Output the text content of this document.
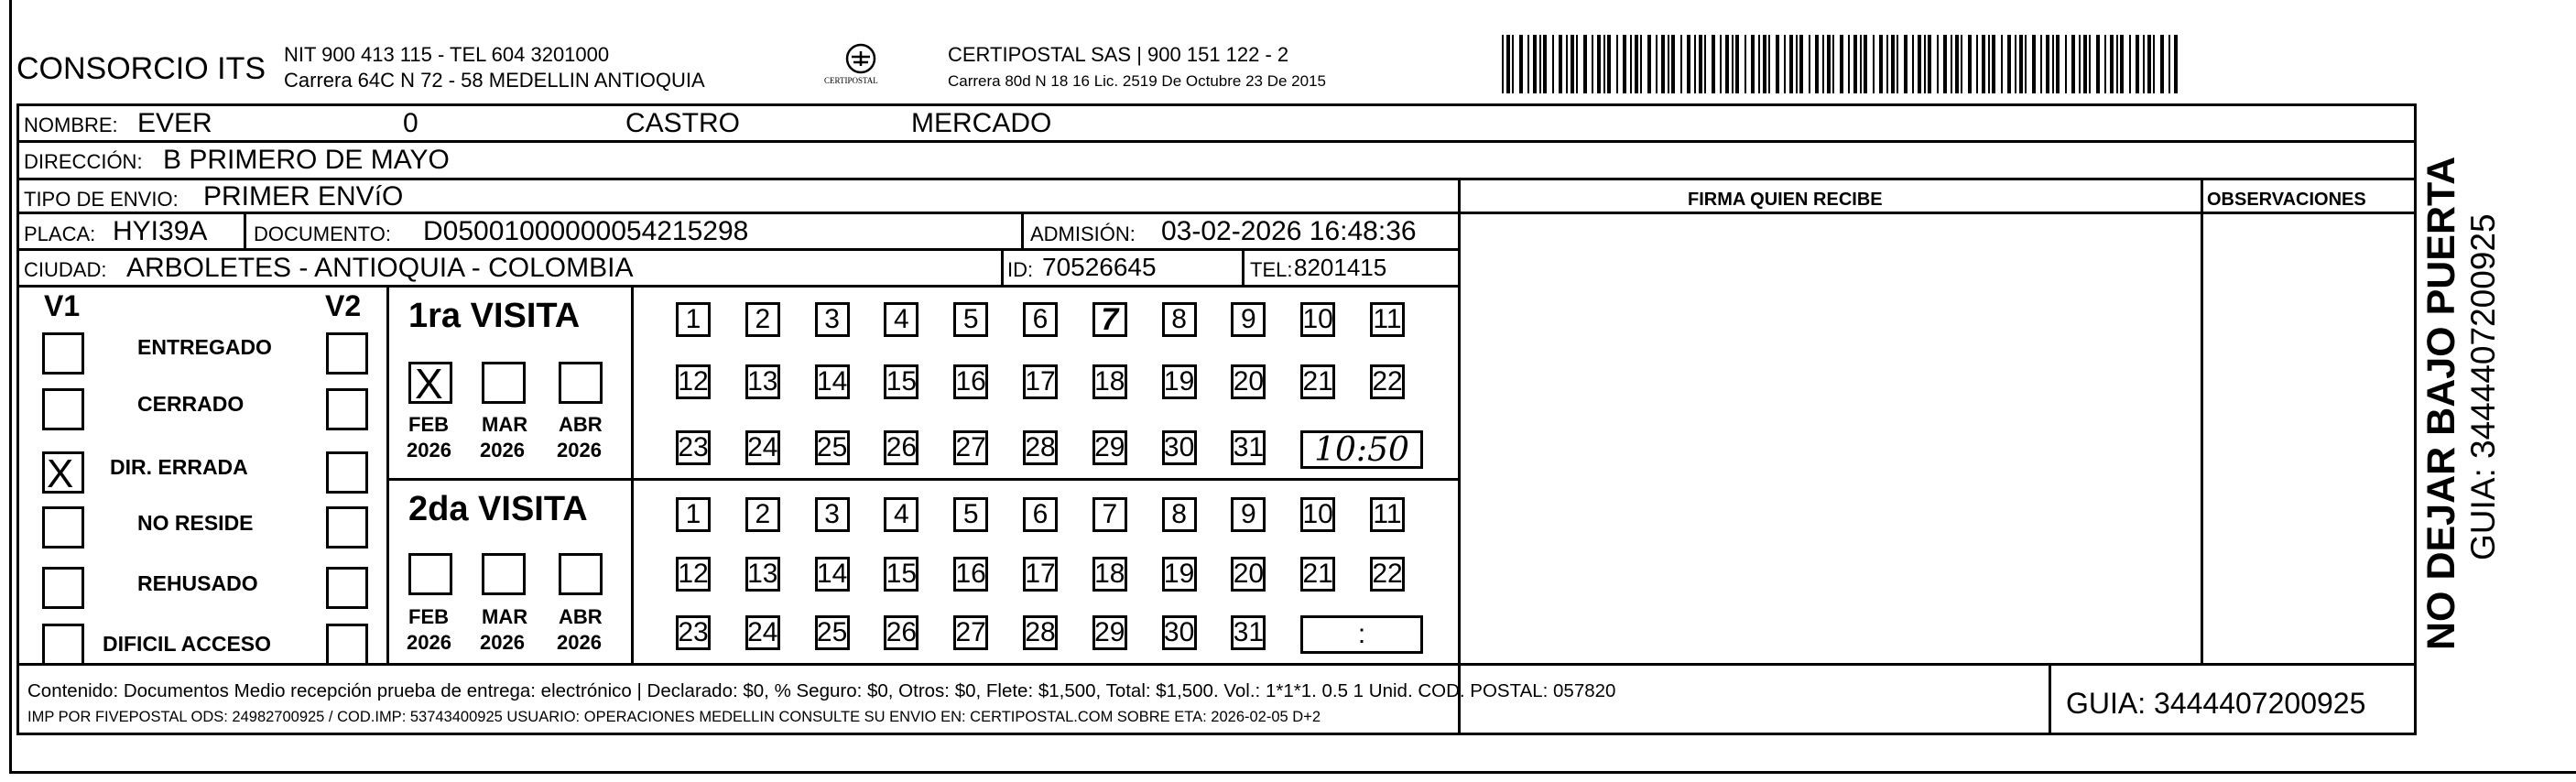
CONSORCIO ITS NIT 900 413 115 - TEL 604 3201000
Carrera 64C N 72 - 58 MEDELLIN ANTIOQUIA	CERTIPOSTAL
CERTIPOSTAL SAS | 900 151 122 - 2
Carrera 80d N 18 16 Lic. 2519 De Octubre 23 De 2015
NOMBRE: EVER	0	CASTRO	MERCADO
DIRECCIÓN: B PRIMERO DE MAYO
TIPO DE ENVIO: PRIMER ENVíO	FIRMA QUIEN RECIBE	OBSERVACIONES
PLACA: HYI39A DOCUMENTO: D05001000000054215298	ADMISIÓN: 03-02-2026 16:48:36
CIUDAD: ARBOLETES - ANTIOQUIA - COLOMBIA	ID: 70526645	TEL: 8201415
V1	V2
ENTREGADO
CERRADO
X DIR. ERRADA
NO RESIDE
REHUSADO
DIFICIL ACCESO
1ra VISITA
X
FEB
2026
MAR
2026
ABR
2026
1	2	3	4	5	6	7	8	9	10 11
12 13 14 15 16 17 18 19 20 21 22
23 24 25 26 27 28 29 30 31	10:50
2da VISITA
FEB
2026
MAR
2026
ABR
2026
1	2	3	4	5	6	7	8	9	10 11
12 13 14 15 16 17 18 19 20 21 22
23 24 25 26 27 28 29 30 31	:
Contenido: Documentos Medio recepción prueba de entrega: electrónico | Declarado: $0, % Seguro: $0, Otros: $0, Flete: $1,500, Total: $1,500. Vol.: 1*1*1. 0.5 1 Unid. COD. POSTAL: 057820
IMP POR FIVEPOSTAL ODS: 24982700925 / COD.IMP: 53743400925 USUARIO: OPERACIONES MEDELLIN CONSULTE SU ENVIO EN: CERTIPOSTAL.COM SOBRE ETA: 2026-02-05 D+2	GUIA: 3444407200925
NO DEJAR BAJO PUERTA GUIA: 3444407200925
